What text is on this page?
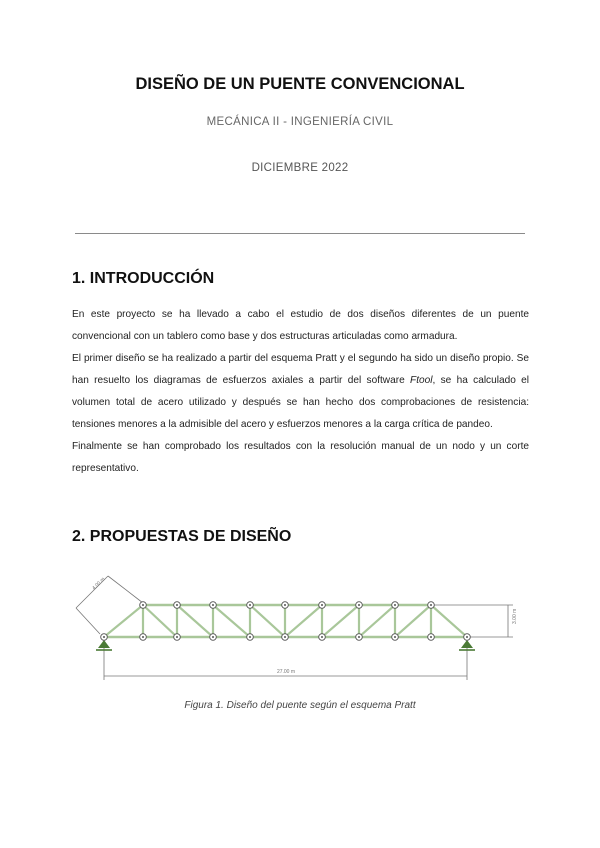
DISEÑO DE UN PUENTE CONVENCIONAL
MECÁNICA II - INGENIERÍA CIVIL
DICIEMBRE 2022
1. INTRODUCCIÓN

En este proyecto se ha llevado a cabo el estudio de dos diseños diferentes de un puente convencional con un tablero como base y dos estructuras articuladas como armadura.

El primer diseño se ha realizado a partir del esquema Pratt y el segundo ha sido un diseño propio. Se han resuelto los diagramas de esfuerzos axiales a partir del software Ftool, se ha calculado el volumen total de acero utilizado y después se han hecho dos comprobaciones de resistencia: tensiones menores a la admisible del acero y esfuerzos menores a la carga crítica de pandeo.

Finalmente se han comprobado los resultados con la resolución manual de un nodo y un corte representativo.

2. PROPUESTAS DE DISEÑO
4.00 m
3.00 m
27.00 m
Figura 1. Diseño del puente según el esquema Pratt
